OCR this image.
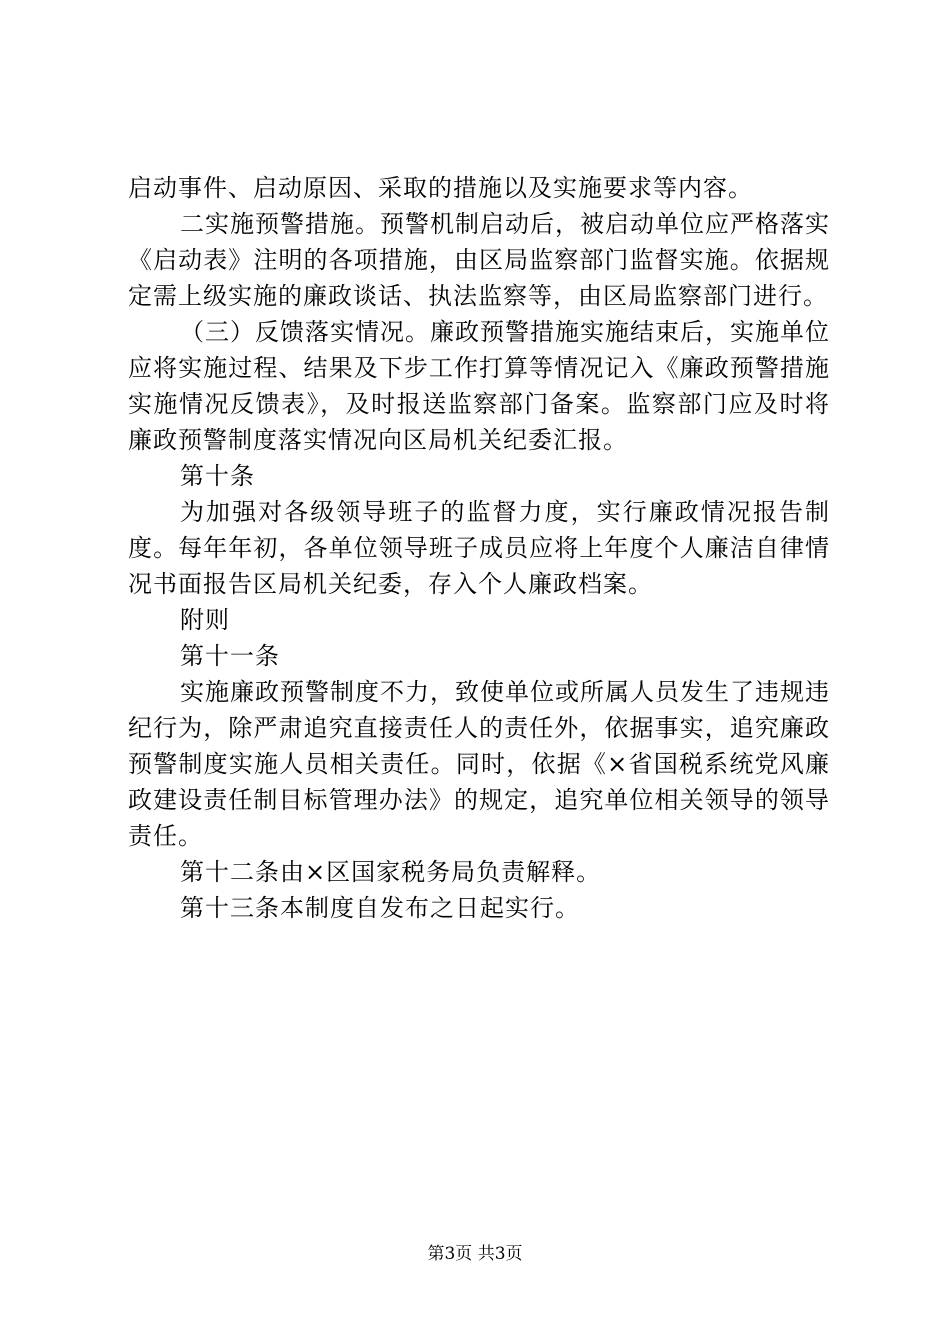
启动事件、启动原因、采取的措施以及实施要求等内容。

二实施预警措施。预警机制启动后，被启动单位应严格落实《启动表》注明的各项措施，由区局监察部门监督实施。依据规定需上级实施的廉政谈话、执法监察等，由区局监察部门进行。

（三）反馈落实情况。廉政预警措施实施结束后，实施单位应将实施过程、结果及下步工作打算等情况记入《廉政预警措施实施情况反馈表》，及时报送监察部门备案。监察部门应及时将廉政预警制度落实情况向区局机关纪委汇报。

第十条

为加强对各级领导班子的监督力度，实行廉政情况报告制度。每年年初，各单位领导班子成员应将上年度个人廉洁自律情况书面报告区局机关纪委，存入个人廉政档案。

附则

第十一条

实施廉政预警制度不力，致使单位或所属人员发生了违规违纪行为，除严肃追究直接责任人的责任外，依据事实，追究廉政预警制度实施人员相关责任。同时，依据《×省国税系统党风廉政建设责任制目标管理办法》的规定，追究单位相关领导的领导责任。

第十二条由×区国家税务局负责解释。

第十三条本制度自发布之日起实行。

第3页 共3页
